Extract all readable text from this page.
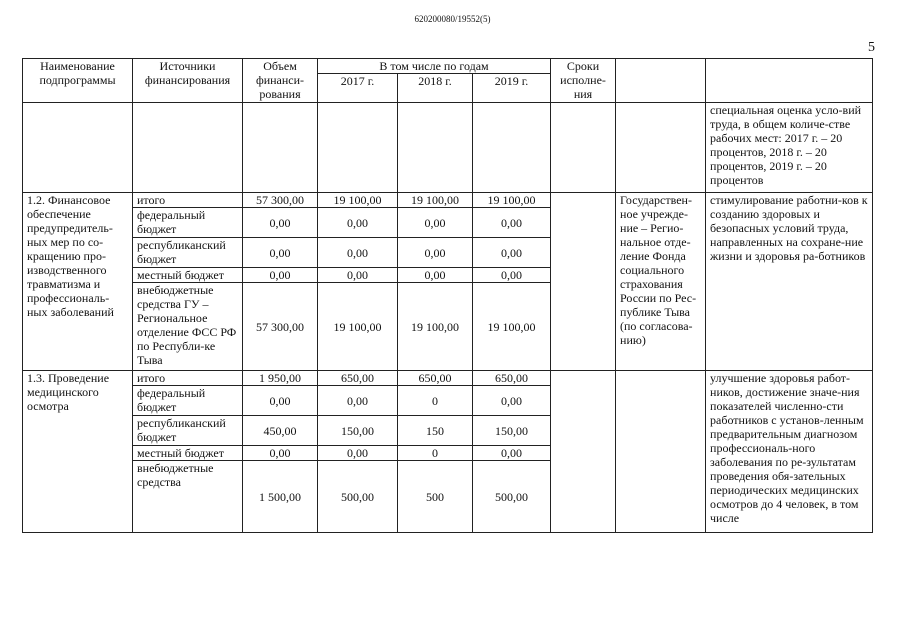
620200080/19552(5)
5
Наименование подпрограммы	Источники финансирования	Объем финанси-рования	В том числе по годам			Сроки исполне-ния		
			2017 г.	2018 г.	2019 г.			
								специальная оценка усло-вий труда, в общем количе-стве рабочих мест: 2017 г. – 20 процентов, 2018 г. – 20 процентов, 2019 г. – 20 процентов
1.2. Финансовое обеспечение предупредитель-ных мер по со-кращению про-изводственного травматизма и профессиональ-ных заболеваний	итого	57 300,00	19 100,00	19 100,00	19 100,00		Государствен-ное учрежде-ние – Регио-нальное отде-ление Фонда социального страхования России по Рес-публике Тыва (по согласова-нию)	стимулирование работни-ков к созданию здоровых и безопасных условий труда, направленных на сохране-ние жизни и здоровья ра-ботников
	федеральный бюджет	0,00	0,00	0,00	0,00			
	республиканский бюджет	0,00	0,00	0,00	0,00			
	местный бюджет	0,00	0,00	0,00	0,00			
	внебюджетные средства ГУ – Региональное отделение ФСС РФ по Республи-ке Тыва	57 300,00	19 100,00	19 100,00	19 100,00			
1.3. Проведение медицинского осмотра	итого	1 950,00	650,00	650,00	650,00			улучшение здоровья работ-ников, достижение значе-ния показателей численно-сти работников с установ-ленным предварительным диагнозом профессиональ-ного заболевания по ре-зультатам проведения обя-зательных периодических медицинских осмотров до 4 человек, в том числе
	федеральный бюджет	0,00	0,00	0	0,00			
	республиканский бюджет	450,00	150,00	150	150,00			
	местный бюджет	0,00	0,00	0	0,00			
	внебюджетные средства	1 500,00	500,00	500	500,00			
